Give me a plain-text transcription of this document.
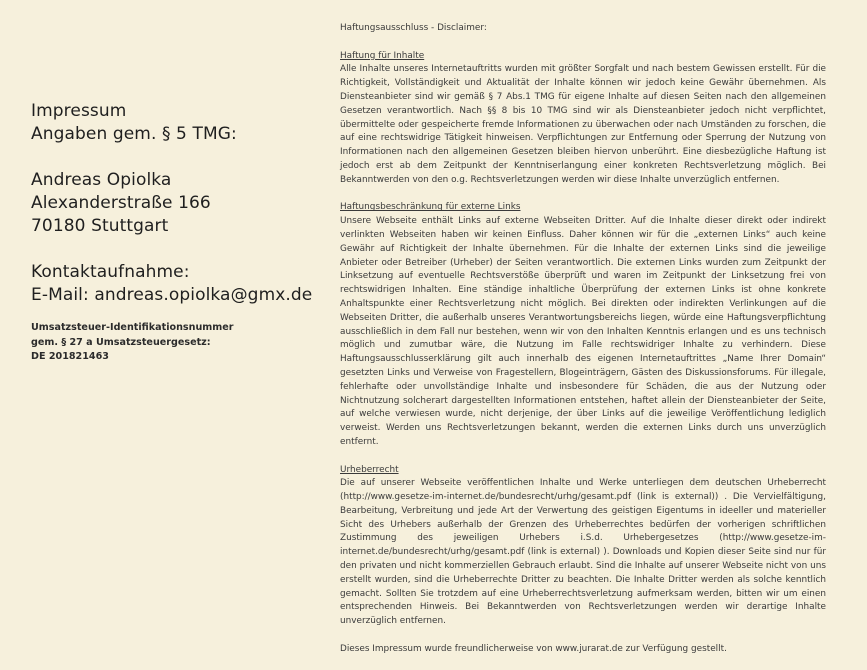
Impressum

Angaben gem. § 5 TMG:

Andreas Opiolka

Alexanderstraße 166

70180 Stuttgart

Kontaktaufnahme:

E-Mail: andreas.opiolka@gmx.de

Umsatzsteuer-Identifikationsnummer
gem. § 27 a Umsatzsteuergesetz:
DE 201821463

Haftungsausschluss - Disclaimer:

Haftung für Inhalte

Alle Inhalte unseres Internetauftritts wurden mit größter Sorgfalt und nach bestem Gewissen erstellt. Für die Richtigkeit, Vollständigkeit und Aktualität der Inhalte können wir jedoch keine Gewähr übernehmen. Als Diensteanbieter sind wir gemäß § 7 Abs.1 TMG für eigene Inhalte auf diesen Seiten nach den allgemeinen Gesetzen verantwortlich. Nach §§ 8 bis 10 TMG sind wir als Diensteanbieter jedoch nicht verpflichtet, übermittelte oder gespeicherte fremde Informationen zu überwachen oder nach Umständen zu forschen, die auf eine rechtswidrige Tätigkeit hinweisen. Verpflichtungen zur Entfernung oder Sperrung der Nutzung von Informationen nach den allgemeinen Gesetzen bleiben hiervon unberührt. Eine diesbezügliche Haftung ist jedoch erst ab dem Zeitpunkt der Kenntniserlangung einer konkreten Rechtsverletzung möglich. Bei Bekanntwerden von den o.g. Rechtsverletzungen werden wir diese Inhalte unverzüglich entfernen.

Haftungsbeschränkung für externe Links

Unsere Webseite enthält Links auf externe Webseiten Dritter. Auf die Inhalte dieser direkt oder indirekt verlinkten Webseiten haben wir keinen Einfluss. Daher können wir für die „externen Links“ auch keine Gewähr auf Richtigkeit der Inhalte übernehmen. Für die Inhalte der externen Links sind die jeweilige Anbieter oder Betreiber (Urheber) der Seiten verantwortlich. Die externen Links wurden zum Zeitpunkt der Linksetzung auf eventuelle Rechtsverstöße überprüft und waren im Zeitpunkt der Linksetzung frei von rechtswidrigen Inhalten. Eine ständige inhaltliche Überprüfung der externen Links ist ohne konkrete Anhaltspunkte einer Rechtsverletzung nicht möglich. Bei direkten oder indirekten Verlinkungen auf die Webseiten Dritter, die außerhalb unseres Verantwortungsbereichs liegen, würde eine Haftungsverpflichtung ausschließlich in dem Fall nur bestehen, wenn wir von den Inhalten Kenntnis erlangen und es uns technisch möglich und zumutbar wäre, die Nutzung im Falle rechtswidriger Inhalte zu verhindern. Diese Haftungsausschlusserklärung gilt auch innerhalb des eigenen Internetauftrittes „Name Ihrer Domain“ gesetzten Links und Verweise von Fragestellern, Blogeinträgern, Gästen des Diskussionsforums. Für illegale, fehlerhafte oder unvollständige Inhalte und insbesondere für Schäden, die aus der Nutzung oder Nichtnutzung solcherart dargestellten Informationen entstehen, haftet allein der Diensteanbieter der Seite, auf welche verwiesen wurde, nicht derjenige, der über Links auf die jeweilige Veröffentlichung lediglich verweist. Werden uns Rechtsverletzungen bekannt, werden die externen Links durch uns unverzüglich entfernt.

Urheberrecht

Die auf unserer Webseite veröffentlichen Inhalte und Werke unterliegen dem deutschen Urheberrecht (http://www.gesetze-im-internet.de/bundesrecht/urhg/gesamt.pdf (link is external)) . Die Vervielfältigung, Bearbeitung, Verbreitung und jede Art der Verwertung des geistigen Eigentums in ideeller und materieller Sicht des Urhebers außerhalb der Grenzen des Urheberrechtes bedürfen der vorherigen schriftlichen Zustimmung des jeweiligen Urhebers i.S.d. Urhebergesetzes (http://www.gesetze-im-internet.de/bundesrecht/urhg/gesamt.pdf (link is external) ). Downloads und Kopien dieser Seite sind nur für den privaten und nicht kommerziellen Gebrauch erlaubt. Sind die Inhalte auf unserer Webseite nicht von uns erstellt wurden, sind die Urheberrechte Dritter zu beachten. Die Inhalte Dritter werden als solche kenntlich gemacht. Sollten Sie trotzdem auf eine Urheberrechtsverletzung aufmerksam werden, bitten wir um einen entsprechenden Hinweis. Bei Bekanntwerden von Rechtsverletzungen werden wir derartige Inhalte unverzüglich entfernen.

Dieses Impressum wurde freundlicherweise von www.jurarat.de zur Verfügung gestellt.
